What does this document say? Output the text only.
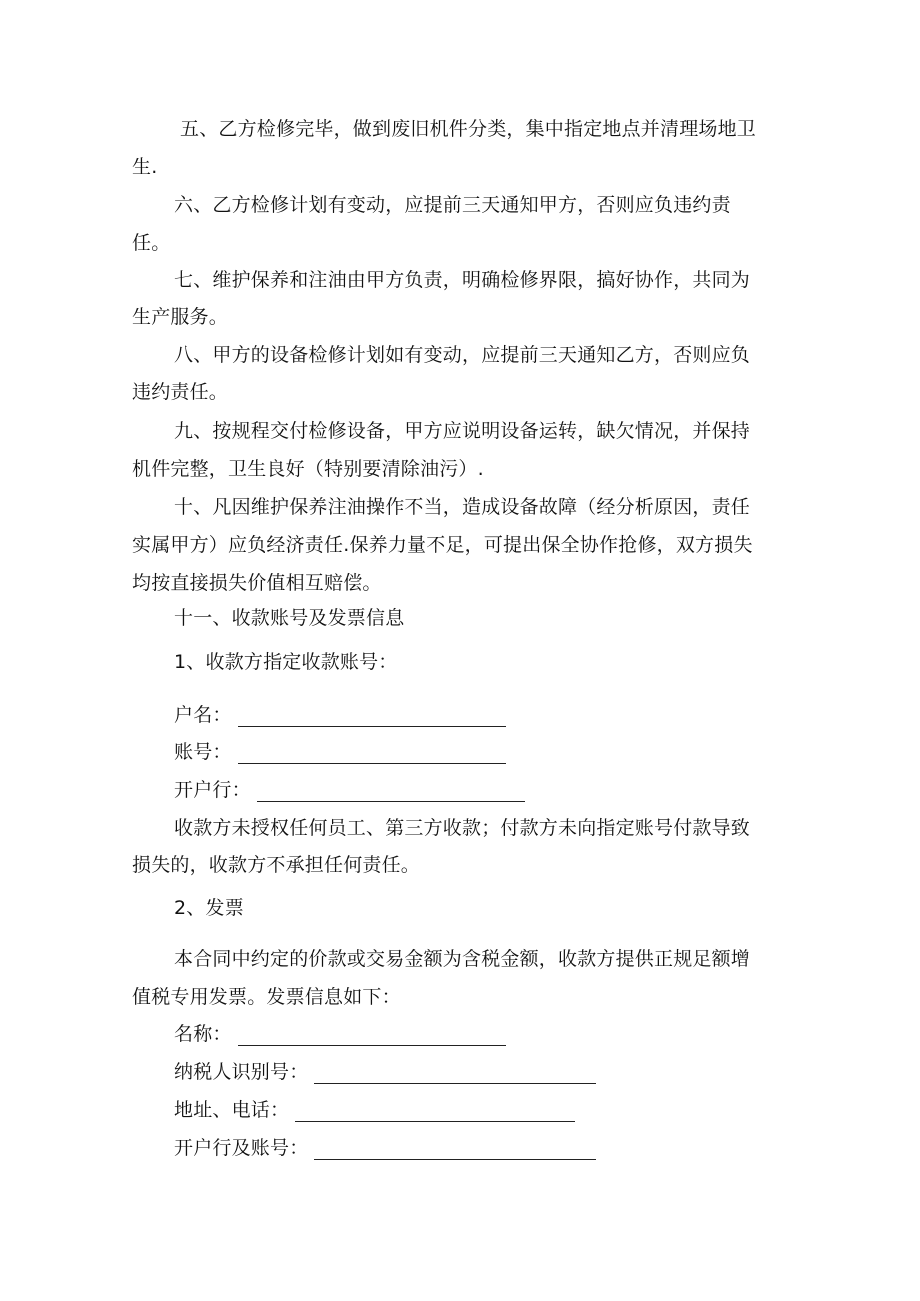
五、乙方检修完毕，做到废旧机件分类，集中指定地点并清理场地卫
生.
六、乙方检修计划有变动，应提前三天通知甲方，否则应负违约责
任。
七、维护保养和注油由甲方负责，明确检修界限，搞好协作，共同为
生产服务。
八、甲方的设备检修计划如有变动，应提前三天通知乙方，否则应负
违约责任。
九、按规程交付检修设备，甲方应说明设备运转，缺欠情况，并保持
机件完整，卫生良好（特别要清除油污）.
十、凡因维护保养注油操作不当，造成设备故障（经分析原因，责任
实属甲方）应负经济责任.保养力量不足，可提出保全协作抢修，双方损失
均按直接损失价值相互赔偿。
十一、收款账号及发票信息
1、收款方指定收款账号：
户名：
账号：
开户行：
收款方未授权任何员工、第三方收款；付款方未向指定账号付款导致
损失的，收款方不承担任何责任。
2、发票
本合同中约定的价款或交易金额为含税金额，收款方提供正规足额增
值税专用发票。发票信息如下：
名称：
纳税人识别号：
地址、电话：
开户行及账号：
